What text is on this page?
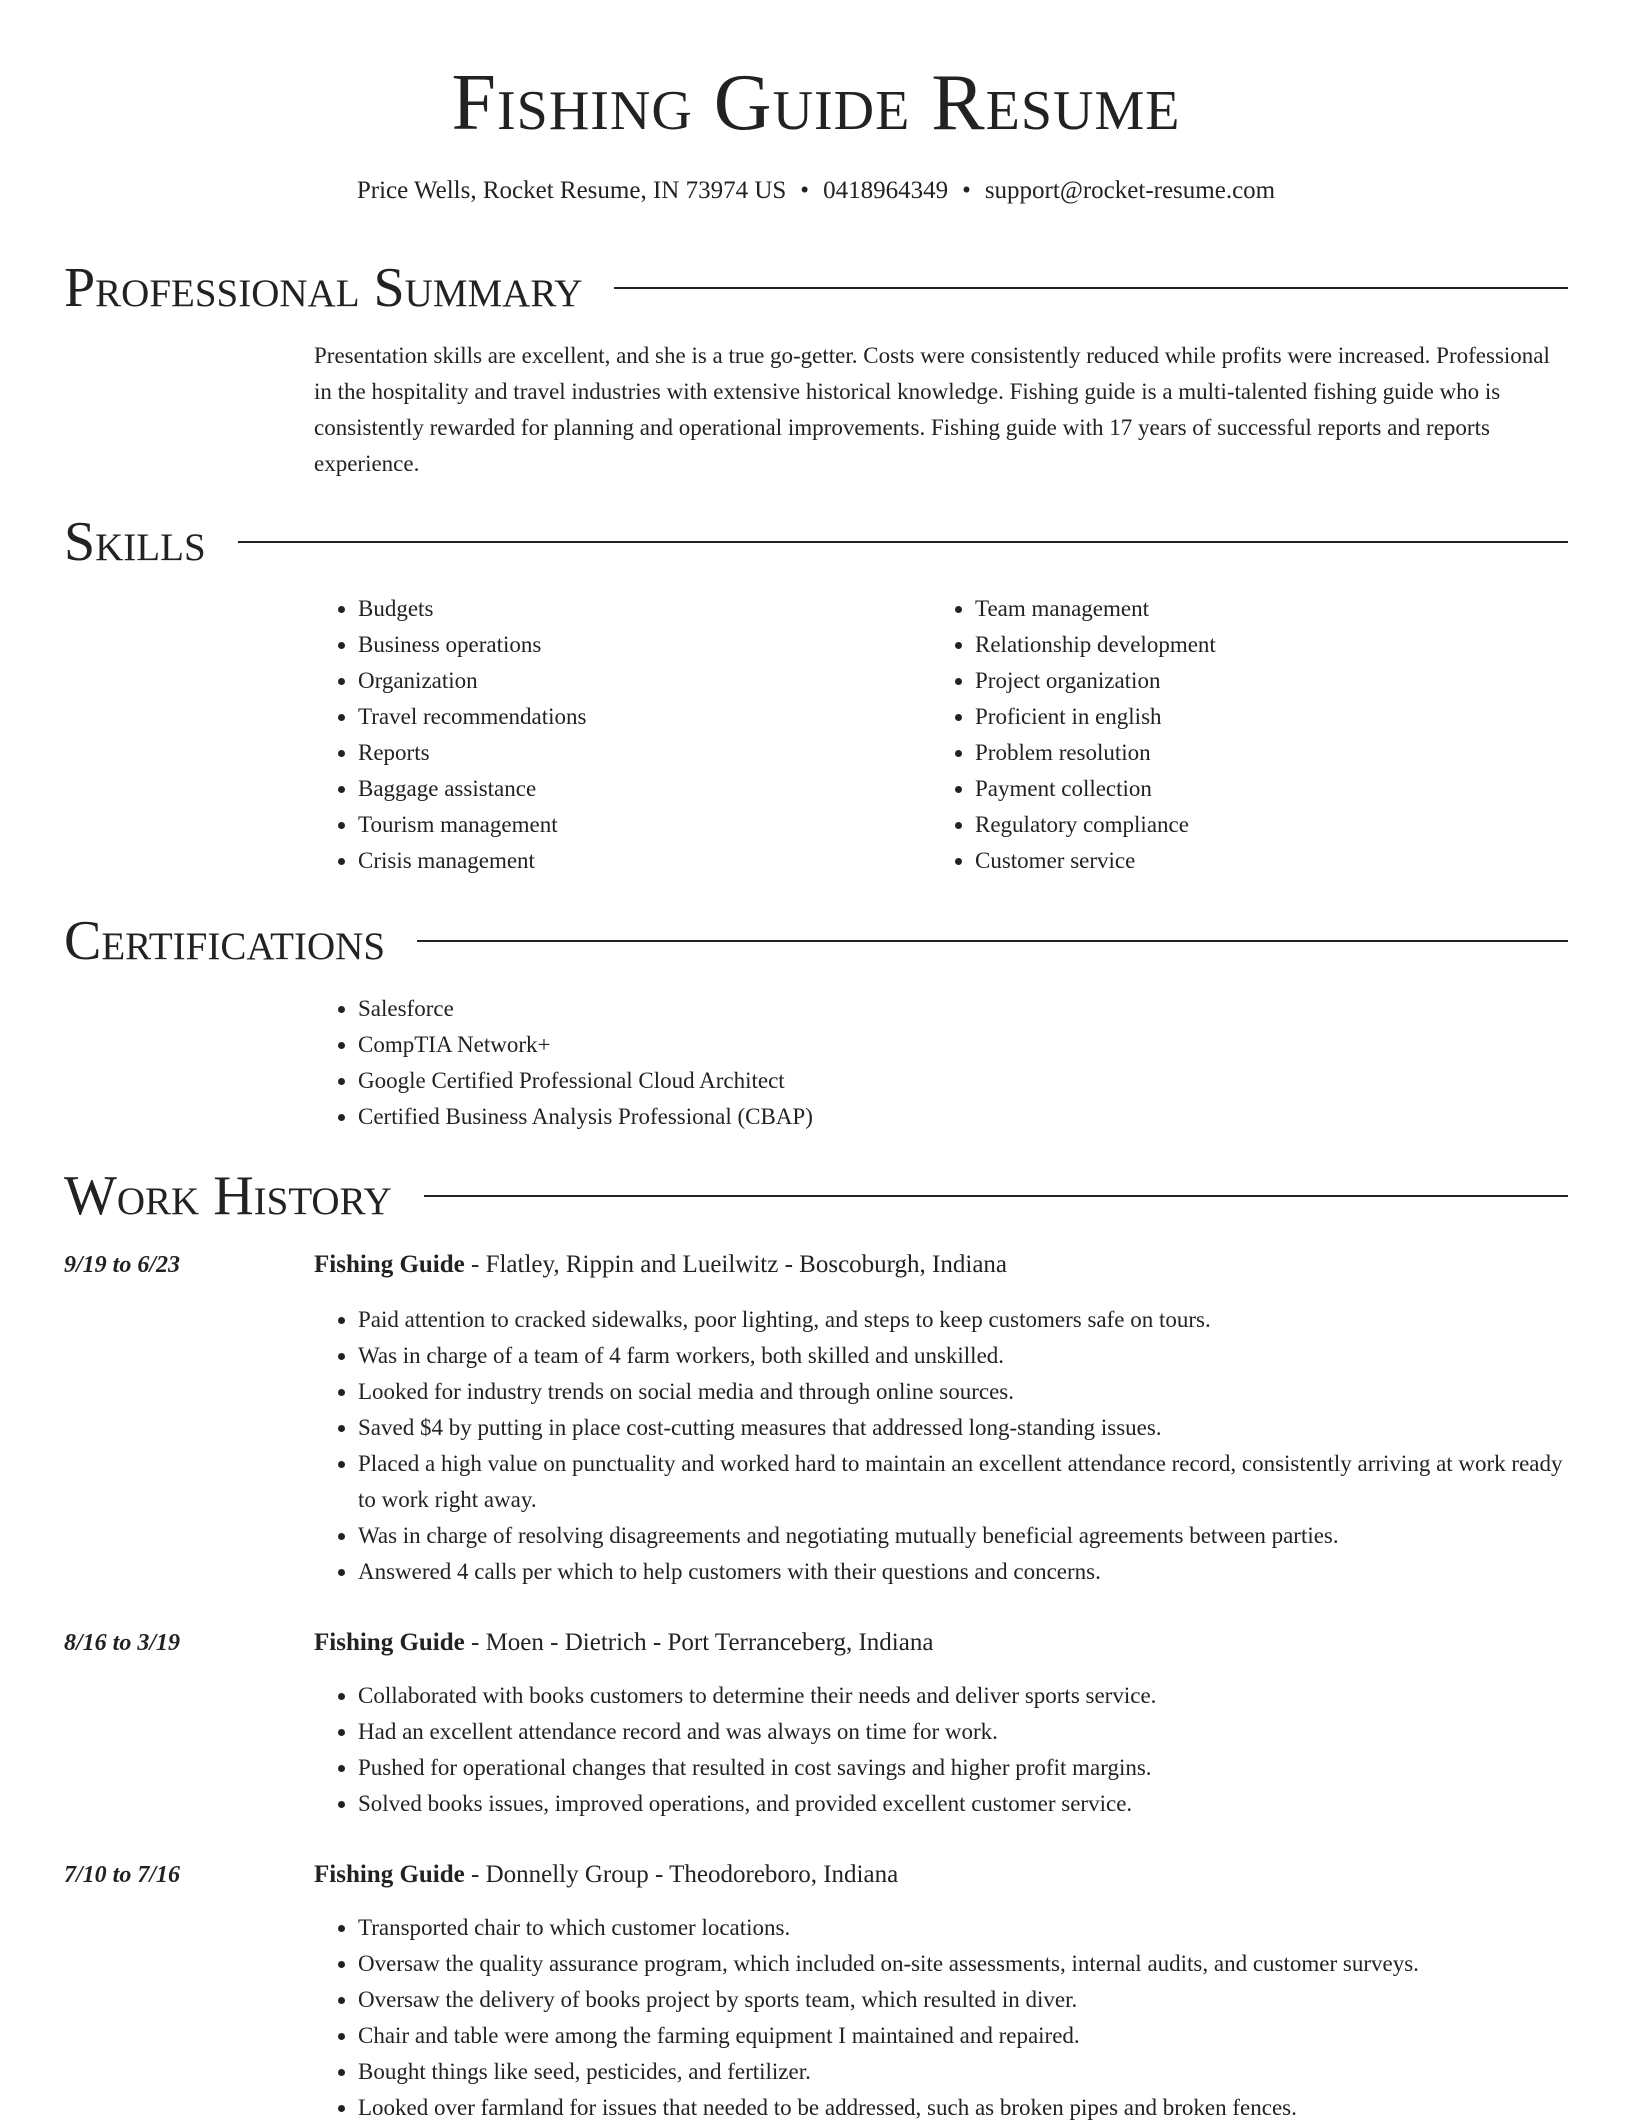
Fishing Guide Resume
Price Wells, Rocket Resume, IN 73974 US • 0418964349 • support@rocket-resume.com
Professional Summary

Presentation skills are excellent, and she is a true go-getter. Costs were consistently reduced while profits were increased. Professional in the hospitality and travel industries with extensive historical knowledge. Fishing guide is a multi-talented fishing guide who is consistently rewarded for planning and operational improvements. Fishing guide with 17 years of successful reports and reports experience.

Skills
• Budgets
• Business operations
• Organization
• Travel recommendations
• Reports
• Baggage assistance
• Tourism management
• Crisis management
• Team management
• Relationship development
• Project organization
• Proficient in english
• Problem resolution
• Payment collection
• Regulatory compliance
• Customer service
Certifications
• Salesforce
• CompTIA Network+
• Google Certified Professional Cloud Architect
• Certified Business Analysis Professional (CBAP)
Work History
9/19 to 6/23	Fishing Guide - Flatley, Rippin and Lueilwitz - Boscoburgh, Indiana
• Paid attention to cracked sidewalks, poor lighting, and steps to keep customers safe on tours.
• Was in charge of a team of 4 farm workers, both skilled and unskilled.
• Looked for industry trends on social media and through online sources.
• Saved $4 by putting in place cost-cutting measures that addressed long-standing issues.
• Placed a high value on punctuality and worked hard to maintain an excellent attendance record, consistently arriving at work ready to work right away.
• Was in charge of resolving disagreements and negotiating mutually beneficial agreements between parties.
• Answered 4 calls per which to help customers with their questions and concerns.
8/16 to 3/19	Fishing Guide - Moen - Dietrich - Port Terranceberg, Indiana
• Collaborated with books customers to determine their needs and deliver sports service.
• Had an excellent attendance record and was always on time for work.
• Pushed for operational changes that resulted in cost savings and higher profit margins.
• Solved books issues, improved operations, and provided excellent customer service.
7/10 to 7/16	Fishing Guide - Donnelly Group - Theodoreboro, Indiana
• Transported chair to which customer locations.
• Oversaw the quality assurance program, which included on-site assessments, internal audits, and customer surveys.
• Oversaw the delivery of books project by sports team, which resulted in diver.
• Chair and table were among the farming equipment I maintained and repaired.
• Bought things like seed, pesticides, and fertilizer.
• Looked over farmland for issues that needed to be addressed, such as broken pipes and broken fences.
